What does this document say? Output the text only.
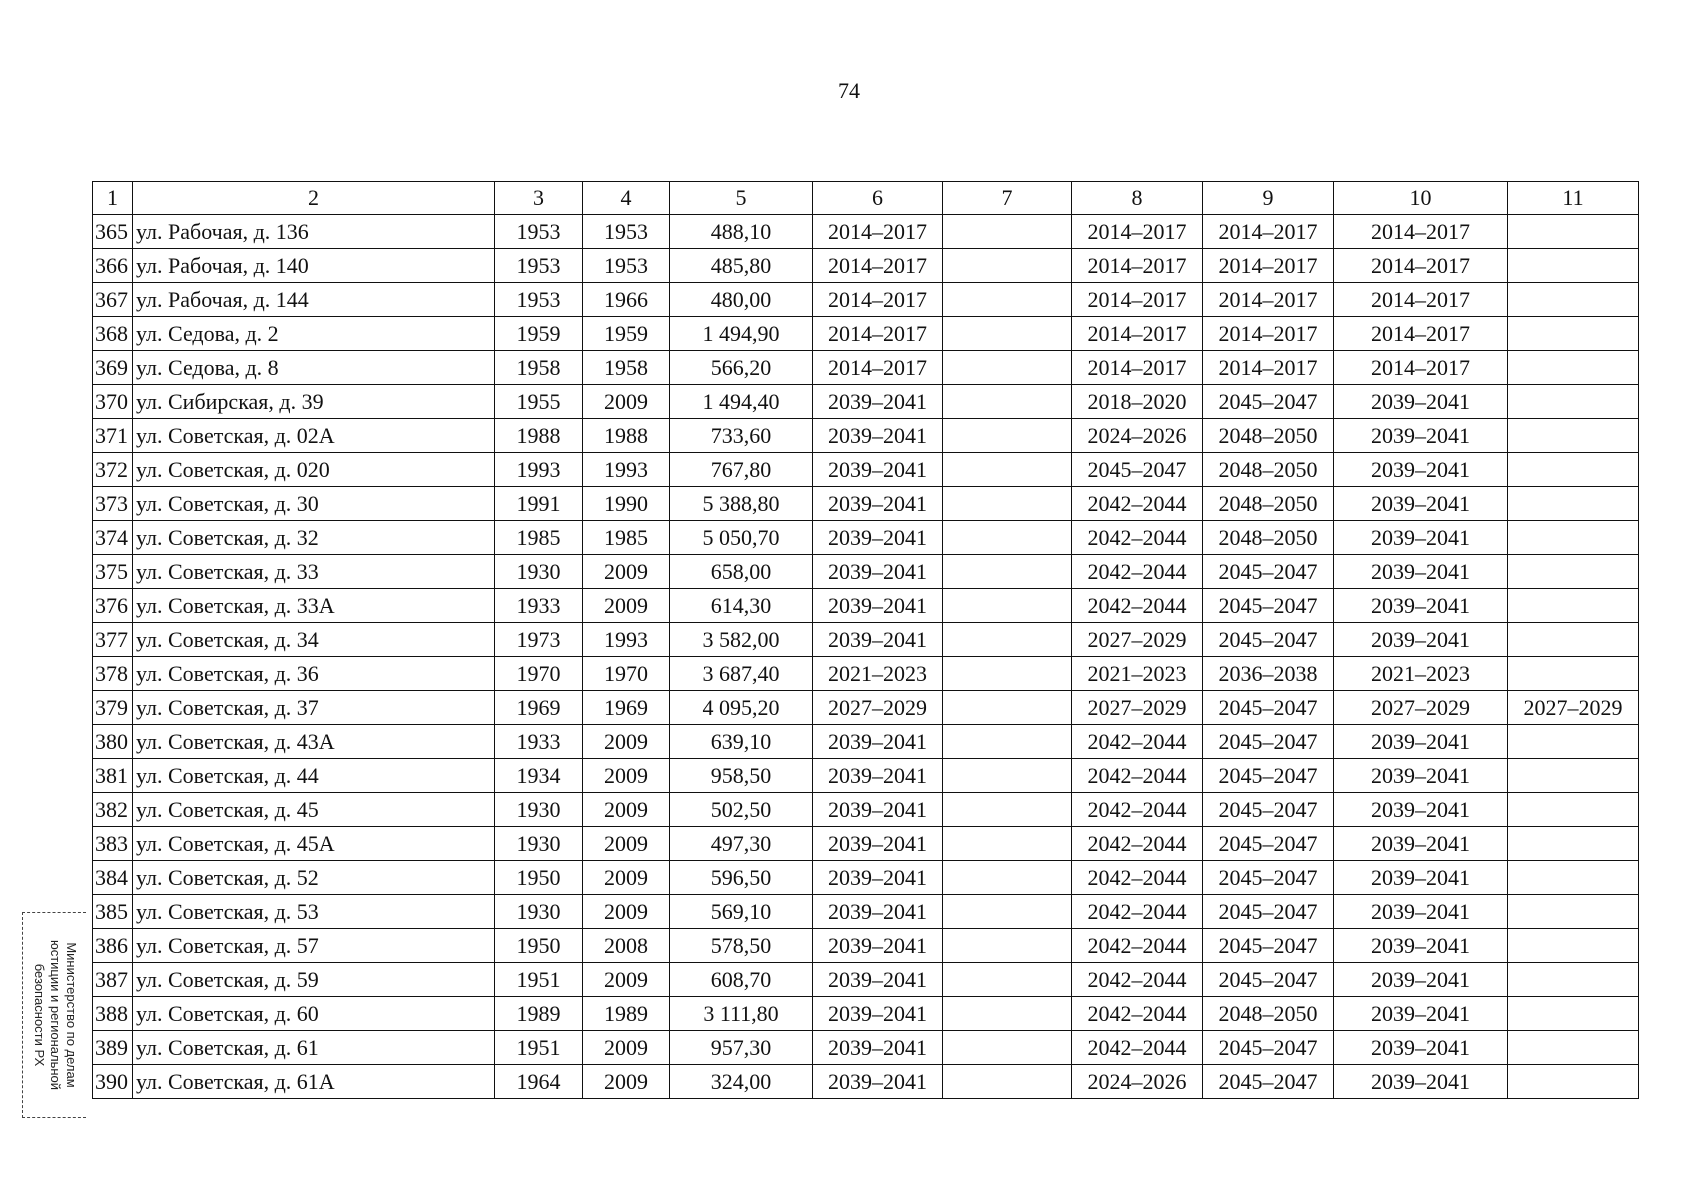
74
1	2	3	4	5	6	7	8	9	10	11
365	ул. Рабочая, д. 136	1953	1953	488,10	2014–2017		2014–2017	2014–2017	2014–2017	
366	ул. Рабочая, д. 140	1953	1953	485,80	2014–2017		2014–2017	2014–2017	2014–2017	
367	ул. Рабочая, д. 144	1953	1966	480,00	2014–2017		2014–2017	2014–2017	2014–2017	
368	ул. Седова, д. 2	1959	1959	1 494,90	2014–2017		2014–2017	2014–2017	2014–2017	
369	ул. Седова, д. 8	1958	1958	566,20	2014–2017		2014–2017	2014–2017	2014–2017	
370	ул. Сибирская, д. 39	1955	2009	1 494,40	2039–2041		2018–2020	2045–2047	2039–2041	
371	ул. Советская, д. 02А	1988	1988	733,60	2039–2041		2024–2026	2048–2050	2039–2041	
372	ул. Советская, д. 020	1993	1993	767,80	2039–2041		2045–2047	2048–2050	2039–2041	
373	ул. Советская, д. 30	1991	1990	5 388,80	2039–2041		2042–2044	2048–2050	2039–2041	
374	ул. Советская, д. 32	1985	1985	5 050,70	2039–2041		2042–2044	2048–2050	2039–2041	
375	ул. Советская, д. 33	1930	2009	658,00	2039–2041		2042–2044	2045–2047	2039–2041	
376	ул. Советская, д. 33А	1933	2009	614,30	2039–2041		2042–2044	2045–2047	2039–2041	
377	ул. Советская, д. 34	1973	1993	3 582,00	2039–2041		2027–2029	2045–2047	2039–2041	
378	ул. Советская, д. 36	1970	1970	3 687,40	2021–2023		2021–2023	2036–2038	2021–2023	
379	ул. Советская, д. 37	1969	1969	4 095,20	2027–2029		2027–2029	2045–2047	2027–2029	2027–2029
380	ул. Советская, д. 43А	1933	2009	639,10	2039–2041		2042–2044	2045–2047	2039–2041	
381	ул. Советская, д. 44	1934	2009	958,50	2039–2041		2042–2044	2045–2047	2039–2041	
382	ул. Советская, д. 45	1930	2009	502,50	2039–2041		2042–2044	2045–2047	2039–2041	
383	ул. Советская, д. 45А	1930	2009	497,30	2039–2041		2042–2044	2045–2047	2039–2041	
384	ул. Советская, д. 52	1950	2009	596,50	2039–2041		2042–2044	2045–2047	2039–2041	
385	ул. Советская, д. 53	1930	2009	569,10	2039–2041		2042–2044	2045–2047	2039–2041	
386	ул. Советская, д. 57	1950	2008	578,50	2039–2041		2042–2044	2045–2047	2039–2041	
387	ул. Советская, д. 59	1951	2009	608,70	2039–2041		2042–2044	2045–2047	2039–2041	
388	ул. Советская, д. 60	1989	1989	3 111,80	2039–2041		2042–2044	2048–2050	2039–2041	
389	ул. Советская, д. 61	1951	2009	957,30	2039–2041		2042–2044	2045–2047	2039–2041	
390	ул. Советская, д. 61А	1964	2009	324,00	2039–2041		2024–2026	2045–2047	2039–2041	
Министерство по делам
юстиции и региональной
безопасности РХ
